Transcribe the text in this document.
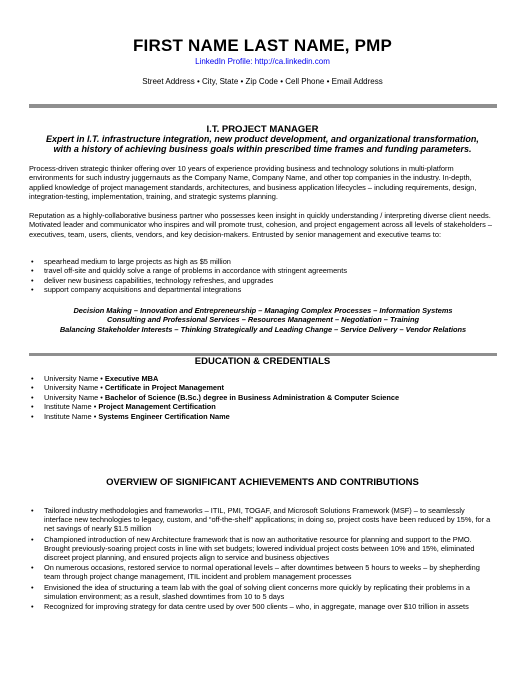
FIRST NAME LAST NAME, PMP
LinkedIn Profile: http://ca.linkedin.com
Street Address • City, State • Zip Code • Cell Phone • Email Address
I.T. PROJECT MANAGER
Expert in I.T. infrastructure integration, new product development, and organizational transformation, with a history of achieving business goals within prescribed time frames and funding parameters.
Process-driven strategic thinker offering over 10 years of experience providing business and technology solutions in multi-platform environments for such industry juggernauts as the Company Name, Company Name, and other top companies in the industry. In-depth, applied knowledge of project management standards, architectures, and business application lifecycles – including requirements, design, integration-testing, implementation, training, and strategic systems planning.
Reputation as a highly-collaborative business partner who possesses keen insight in quickly understanding / interpreting diverse client needs. Motivated leader and communicator who inspires and will promote trust, cohesion, and project engagement across all levels of stakeholders – executives, team, users, clients, vendors, and key decision-makers. Entrusted by senior management and executive teams to:
• spearhead medium to large projects as high as $5 million
• travel off-site and quickly solve a range of problems in accordance with stringent agreements
• deliver new business capabilities, technology refreshes, and upgrades
• support company acquisitions and departmental integrations
Decision Making – Innovation and Entrepreneurship – Managing Complex Processes – Information Systems
Consulting and Professional Services – Resources Management – Negotiation – Training
Balancing Stakeholder Interests – Thinking Strategically and Leading Change – Service Delivery – Vendor Relations
EDUCATION & CREDENTIALS
• University Name • Executive MBA
• University Name • Certificate in Project Management
• University Name • Bachelor of Science (B.Sc.) degree in Business Administration & Computer Science
• Institute Name • Project Management Certification
• Institute Name • Systems Engineer Certification Name
OVERVIEW OF SIGNIFICANT ACHIEVEMENTS AND CONTRIBUTIONS
• Tailored industry methodologies and frameworks – ITIL, PMI, TOGAF, and Microsoft Solutions Framework (MSF) – to seamlessly interface new technologies to legacy, custom, and “off-the-shelf” applications; in doing so, project costs have been reduced by 15%, for a net savings of nearly $1.5 million
• Championed introduction of new Architecture framework that is now an authoritative resource for planning and support to the PMO. Brought previously-soaring project costs in line with set budgets; lowered individual project costs between 10% and 15%, eliminated discreet project planning, and ensured projects align to service and business objectives
• On numerous occasions, restored service to normal operational levels – after downtimes between 5 hours to weeks – by shepherding team through project change management, ITIL incident and problem management processes
• Envisioned the idea of structuring a team lab with the goal of solving client concerns more quickly by replicating their problems in a simulation environment; as a result, slashed downtimes from 10 to 5 days
• Recognized for improving strategy for data centre used by over 500 clients – who, in aggregate, manage over $10 trillion in assets
